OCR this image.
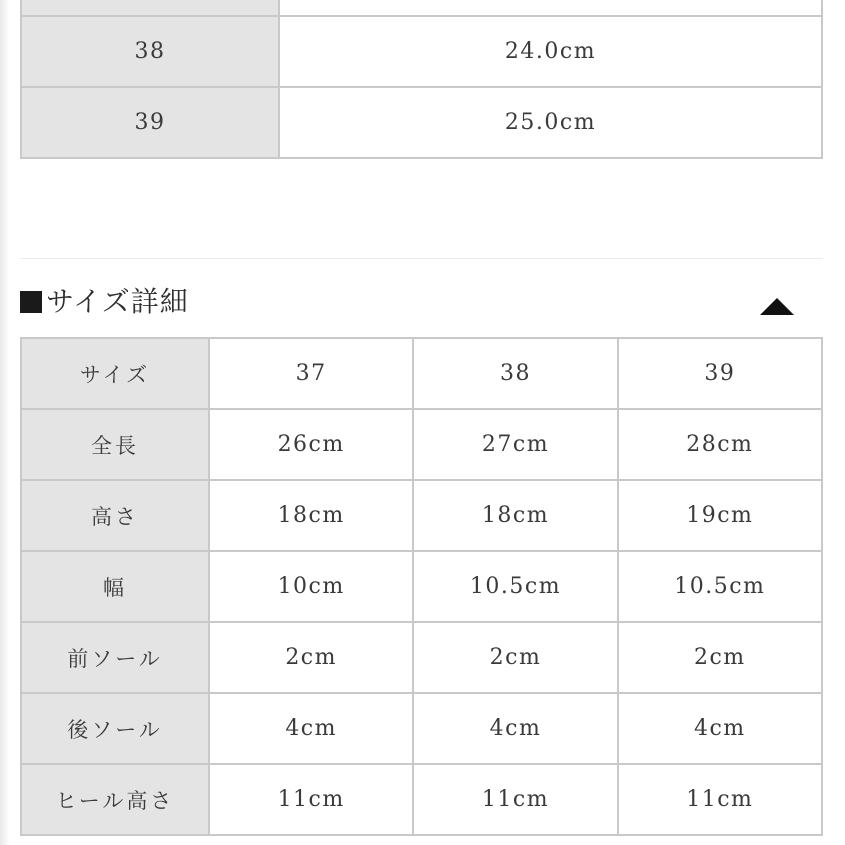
38	24.0cm
39	25.0cm
サイズ詳細
サイズ	37	38	39
全長	26cm	27cm	28cm
高さ	18cm	18cm	19cm
幅	10cm	10.5cm	10.5cm
前ソール	2cm	2cm	2cm
後ソール	4cm	4cm	4cm
ヒール高さ	11cm	11cm	11cm
